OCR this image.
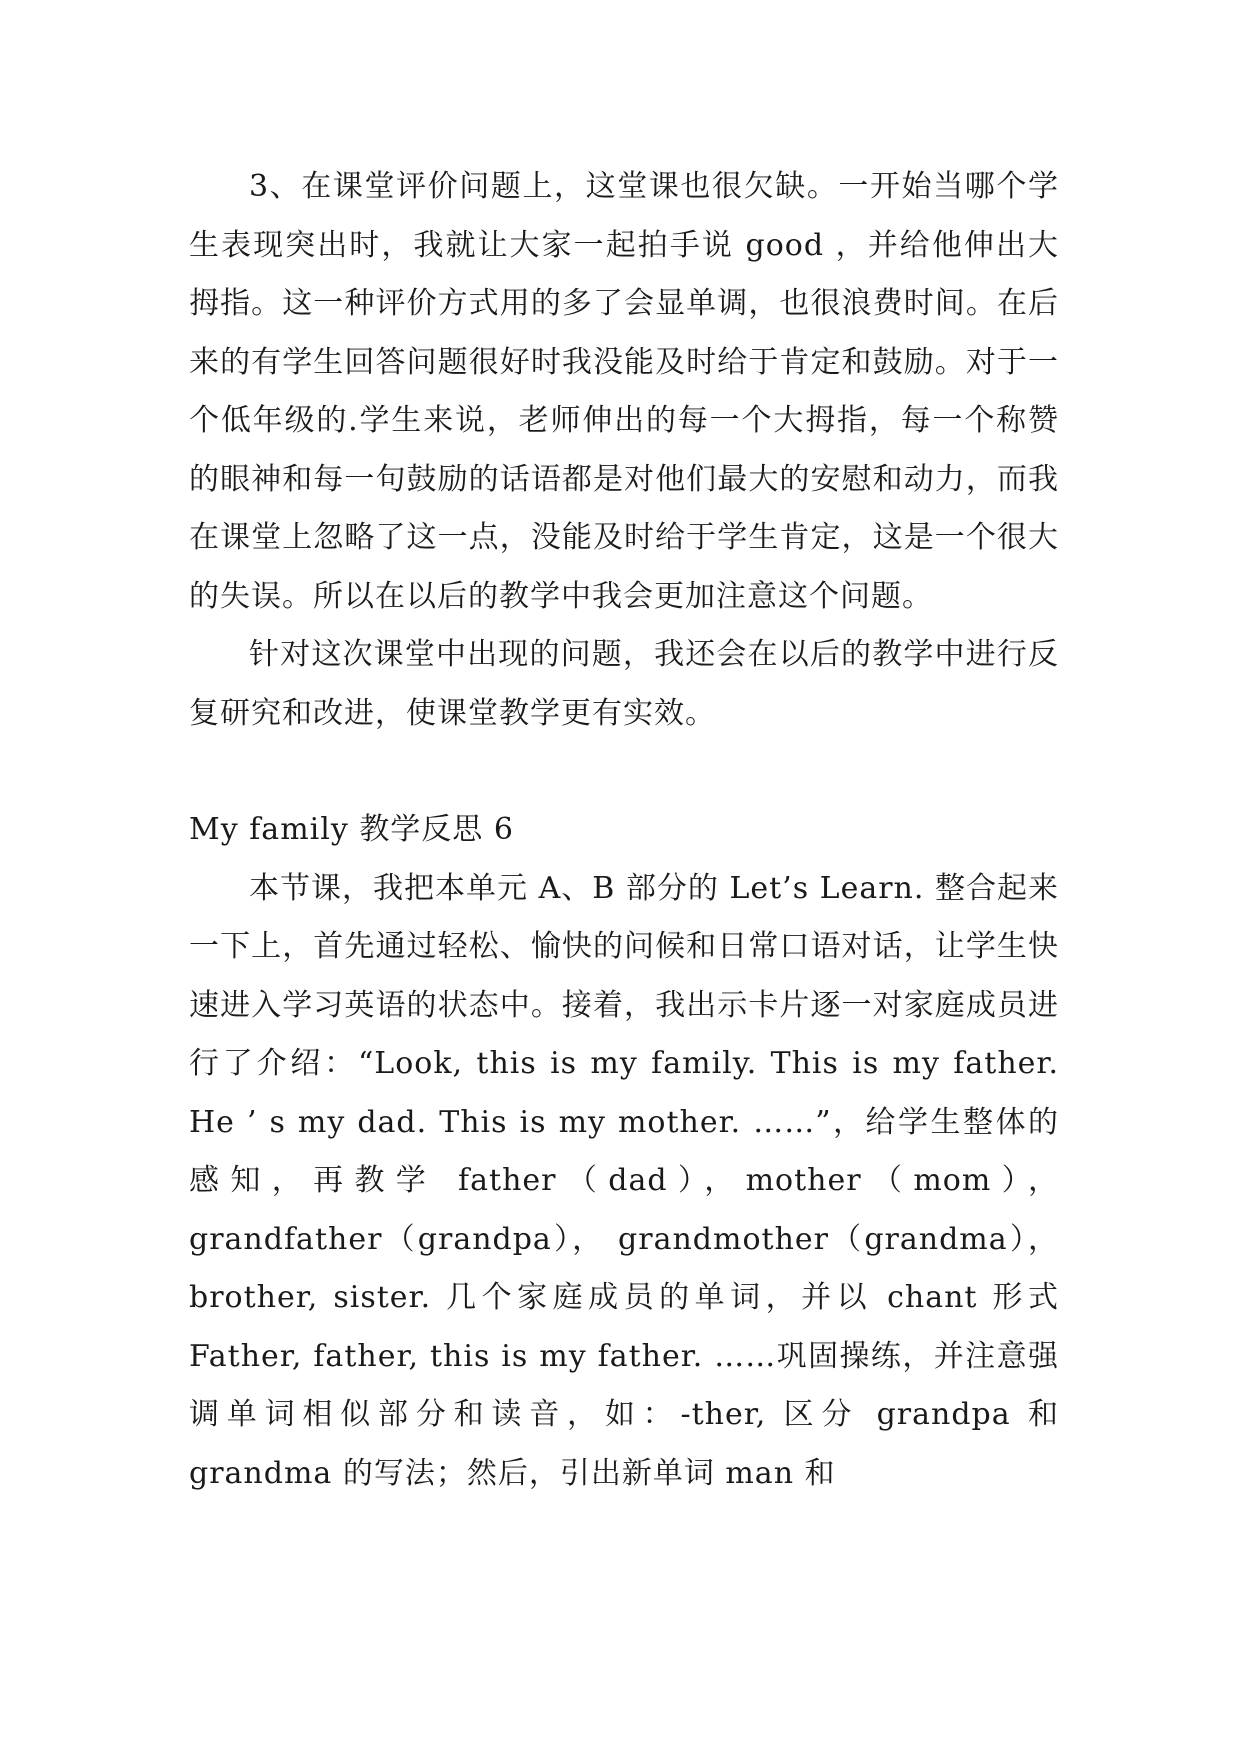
3、在课堂评价问题上，这堂课也很欠缺。一开始当哪个学生表现突出时，我就让大家一起拍手说 good ，并给他伸出大拇指。这一种评价方式用的多了会显单调，也很浪费时间。在后来的有学生回答问题很好时我没能及时给于肯定和鼓励。对于一个低年级的.学生来说，老师伸出的每一个大拇指，每一个称赞的眼神和每一句鼓励的话语都是对他们最大的安慰和动力，而我在课堂上忽略了这一点，没能及时给于学生肯定，这是一个很大的失误。所以在以后的教学中我会更加注意这个问题。

针对这次课堂中出现的问题，我还会在以后的教学中进行反复研究和改进，使课堂教学更有实效。

My family 教学反思 6

本节课，我把本单元 A、B 部分的 Let’s Learn. 整合起来一下上，首先通过轻松、愉快的问候和日常口语对话，让学生快速进入学习英语的状态中。接着，我出示卡片逐一对家庭成员进行了介绍：“Look, this is my family. This is my father. He ’ s my dad. This is my mother. ……”，给学生整体的感知，再教学 father（dad），mother（mom）， grandfather（grandpa）， grandmother（grandma）， brother, sister. 几个家庭成员的单词，并以 chant 形式 Father, father, this is my father. ……巩固操练，并注意强调单词相似部分和读音，如：-ther, 区分 grandpa 和 grandma 的写法；然后，引出新单词 man 和
